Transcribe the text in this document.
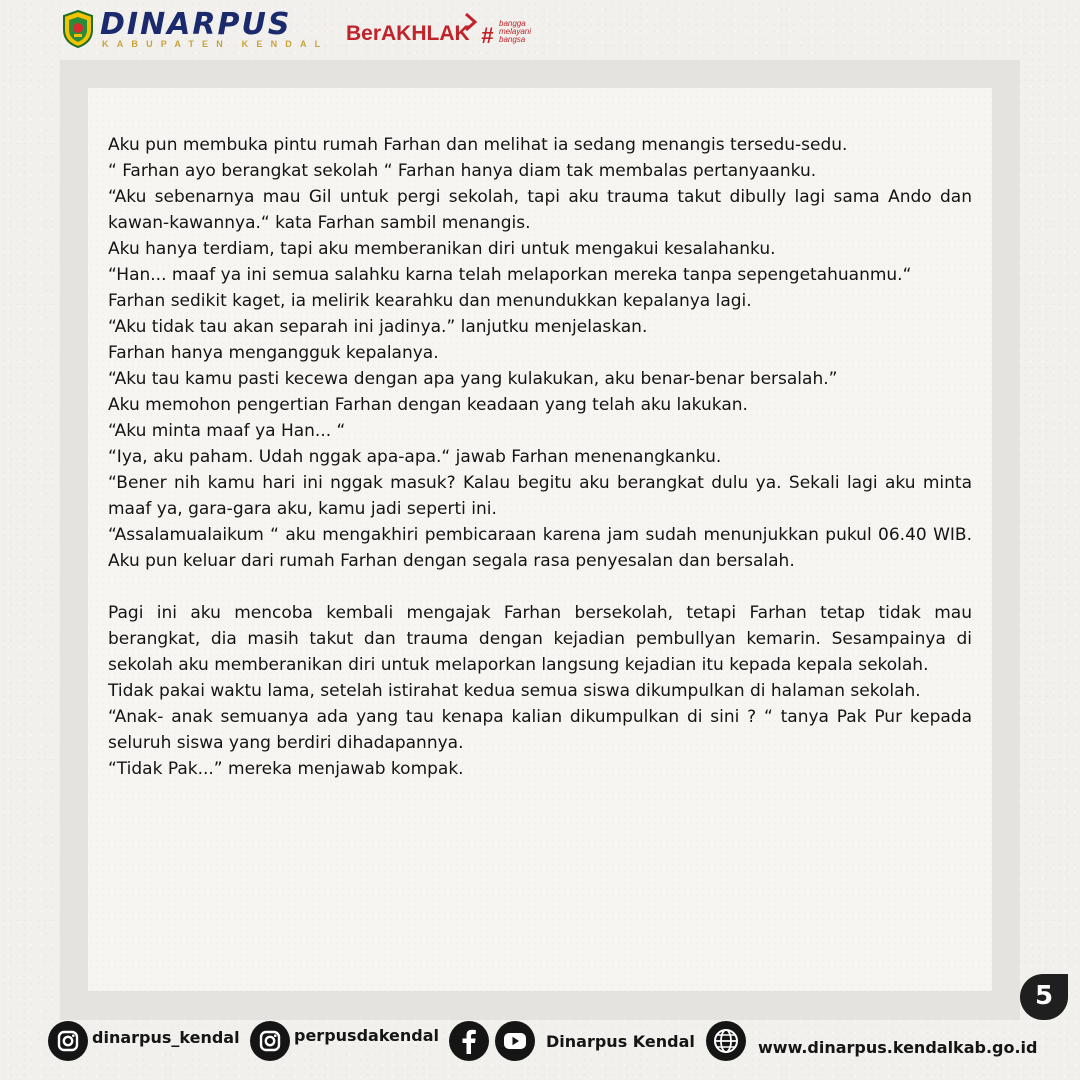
DINARPUS
KABUPATEN KENDAL BerAKHLAK # bangga
melayani
bangsa

Aku pun membuka pintu rumah Farhan dan melihat ia sedang menangis tersedu-sedu.

“ Farhan ayo berangkat sekolah “ Farhan hanya diam tak membalas pertanyaanku.

“Aku sebenarnya mau Gil untuk pergi sekolah, tapi aku trauma takut dibully lagi sama Ando dan kawan-kawannya.“ kata Farhan sambil menangis.

Aku hanya terdiam, tapi aku memberanikan diri untuk mengakui kesalahanku.

“Han... maaf ya ini semua salahku karna telah melaporkan mereka tanpa sepengetahuanmu.“

Farhan sedikit kaget, ia melirik kearahku dan menundukkan kepalanya lagi.

“Aku tidak tau akan separah ini jadinya.” lanjutku menjelaskan.

Farhan hanya mengangguk kepalanya.

“Aku tau kamu pasti kecewa dengan apa yang kulakukan, aku benar-benar bersalah.”

Aku memohon pengertian Farhan dengan keadaan yang telah aku lakukan.

“Aku minta maaf ya Han... “

“Iya, aku paham. Udah nggak apa-apa.“ jawab Farhan menenangkanku.

“Bener nih kamu hari ini nggak masuk? Kalau begitu aku berangkat dulu ya. Sekali lagi aku minta maaf ya, gara-gara aku, kamu jadi seperti ini.

“Assalamualaikum “ aku mengakhiri pembicaraan karena jam sudah menunjukkan pukul 06.40 WIB. Aku pun keluar dari rumah Farhan dengan segala rasa penyesalan dan bersalah.

Pagi ini aku mencoba kembali mengajak Farhan bersekolah, tetapi Farhan tetap tidak mau berangkat, dia masih takut dan trauma dengan kejadian pembullyan kemarin. Sesampainya di sekolah aku memberanikan diri untuk melaporkan langsung kejadian itu kepada kepala sekolah.

Tidak pakai waktu lama, setelah istirahat kedua semua siswa dikumpulkan di halaman sekolah.

“Anak- anak semuanya ada yang tau kenapa kalian dikumpulkan di sini ? “ tanya Pak Pur kepada seluruh siswa yang berdiri dihadapannya.

“Tidak Pak...” mereka menjawab kompak.

5
dinarpus_kendal	perpusdakendal	Dinarpus Kendal	www.dinarpus.kendalkab.go.id
